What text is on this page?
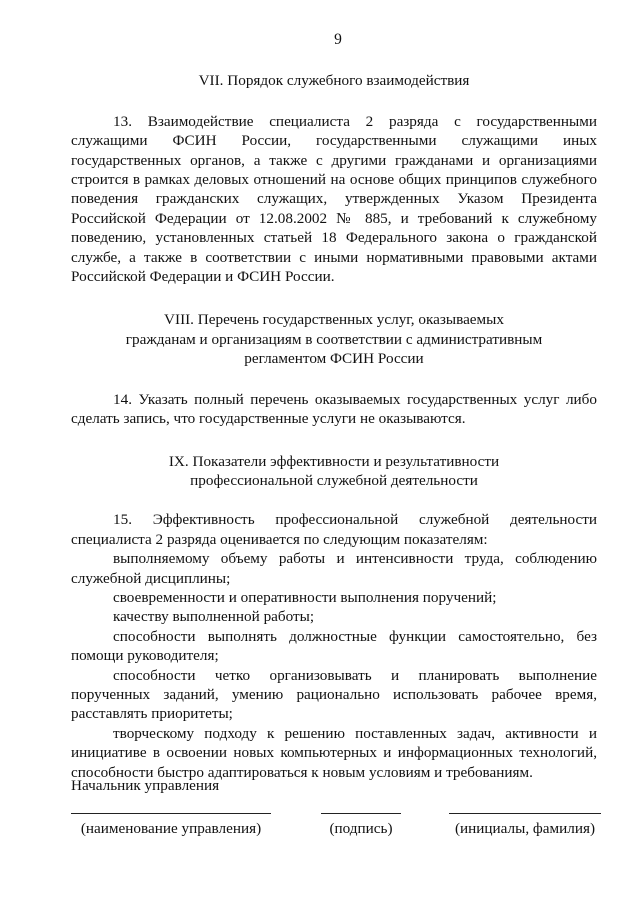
9

VII. Порядок служебного взаимодействия

13. Взаимодействие специалиста 2 разряда с государственными служащими ФСИН России, государственными служащими иных государственных органов, а также с другими гражданами и организациями строится в рамках деловых отношений на основе общих принципов служебного поведения гражданских служащих, утвержденных Указом Президента Российской Федерации от 12.08.2002 № 885, и требований к служебному поведению, установленных статьей 18 Федерального закона о гражданской службе, а также в соответствии с иными нормативными правовыми актами Российской Федерации и ФСИН России.

VIII. Перечень государственных услуг, оказываемых
гражданам и организациям в соответствии с административным
регламентом ФСИН России

14. Указать полный перечень оказываемых государственных услуг либо сделать запись, что государственные услуги не оказываются.

IX. Показатели эффективности и результативности
профессиональной служебной деятельности

15. Эффективность профессиональной служебной деятельности специалиста 2 разряда оценивается по следующим показателям:

выполняемому объему работы и интенсивности труда, соблюдению служебной дисциплины;

своевременности и оперативности выполнения поручений;

качеству выполненной работы;

способности выполнять должностные функции самостоятельно, без помощи руководителя;

способности четко организовывать и планировать выполнение порученных заданий, умению рационально использовать рабочее время, расставлять приоритеты;

творческому подходу к решению поставленных задач, активности и инициативе в освоении новых компьютерных и информационных технологий, способности быстро адаптироваться к новым условиям и требованиям.

Начальник управления

(наименование управления)	(подпись)	(инициалы, фамилия)
